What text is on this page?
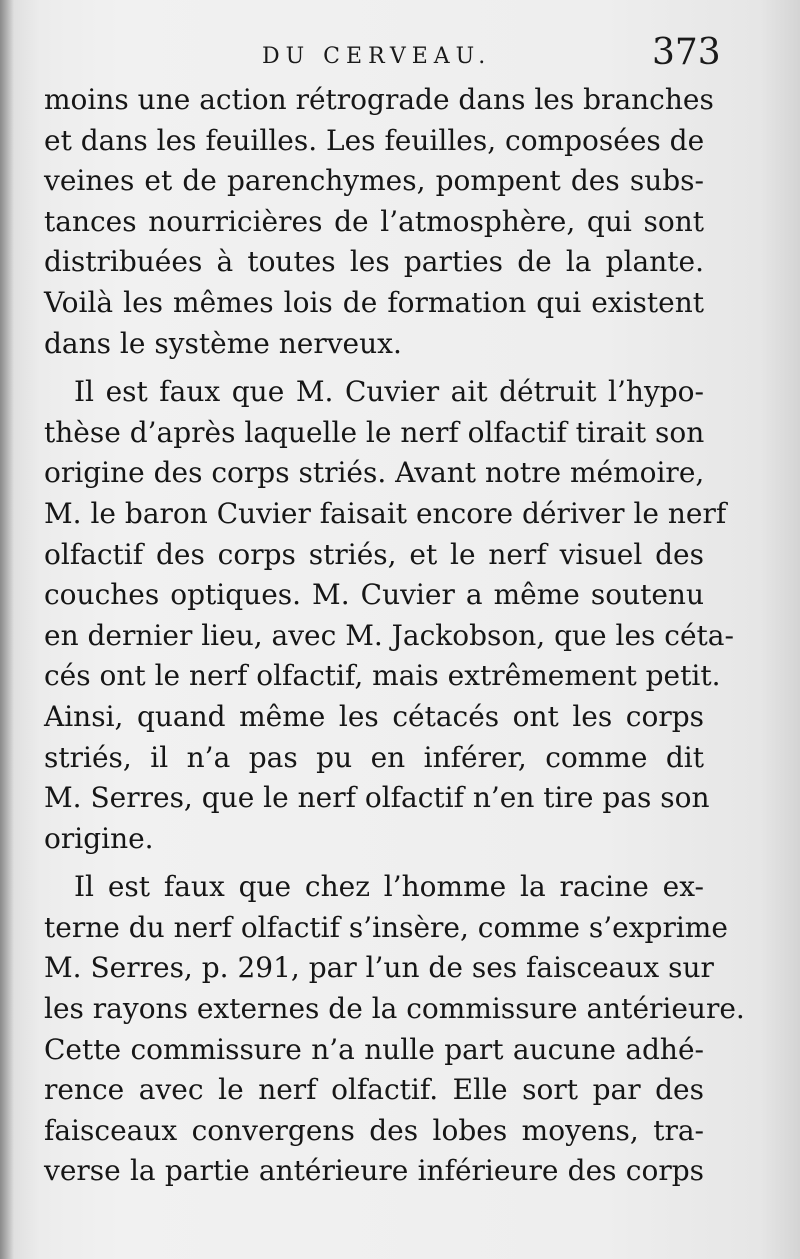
DU CERVEAU.	373
moins une action rétrograde dans les branches
et dans les feuilles. Les feuilles, composées de
veines et de parenchymes, pompent des subs-
tances nourricières de l’atmosphère, qui sont
distribuées à toutes les parties de la plante.
Voilà les mêmes lois de formation qui existent
dans le système nerveux.
Il est faux que M. Cuvier ait détruit l’hypo-
thèse d’après laquelle le nerf olfactif tirait son
origine des corps striés. Avant notre mémoire,
M. le baron Cuvier faisait encore dériver le nerf
olfactif des corps striés, et le nerf visuel des
couches optiques. M. Cuvier a même soutenu
en dernier lieu, avec M. Jackobson, que les céta-
cés ont le nerf olfactif, mais extrêmement petit.
Ainsi, quand même les cétacés ont les corps
striés, il n’a pas pu en inférer, comme dit
M. Serres, que le nerf olfactif n’en tire pas son
origine.
Il est faux que chez l’homme la racine ex-
terne du nerf olfactif s’insère, comme s’exprime
M. Serres, p. 291, par l’un de ses faisceaux sur
les rayons externes de la commissure antérieure.
Cette commissure n’a nulle part aucune adhé-
rence avec le nerf olfactif. Elle sort par des
faisceaux convergens des lobes moyens, tra-
verse la partie antérieure inférieure des corps
